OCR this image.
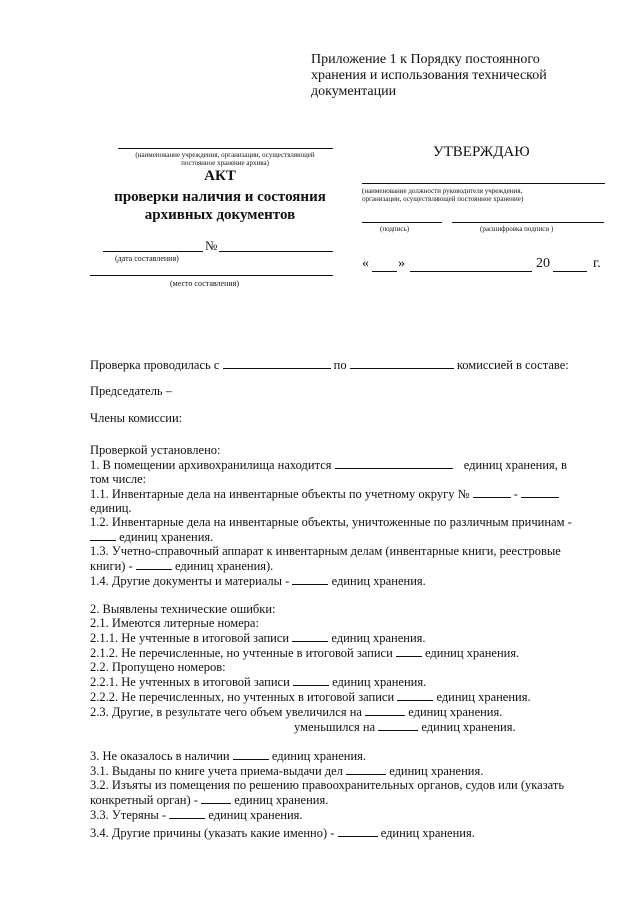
Приложение 1 к Порядку постоянного
хранения и использования технической
документации
(наименование учреждения, организации, осуществляющей
постоянное хранение архива)
АКТ
проверки наличия и состояния
архивных документов
№
(дата составления)
(место составления)
УТВЕРЖДАЮ
(наименование должности руководителя учреждения,
организации, осуществляющей постоянное хранение)
(подпись)	(расшифровка подписи )
« »	20	г.
Проверка проводилась с	по	комиссией в составе:
Председатель –
Члены комиссии:
Проверкой установлено:
1. В помещении архивохранилища находится	единиц хранения, в
том числе:
1.1. Инвентарные дела на инвентарные объекты по учетному округу №	-
единиц.
1.2. Инвентарные дела на инвентарные объекты, уничтоженные по различным причинам -
единиц хранения.
1.3. Учетно-справочный аппарат к инвентарным делам (инвентарные книги, реестровые
книги) -	единиц хранения).
1.4. Другие документы и материалы -	единиц хранения.
2. Выявлены технические ошибки:
2.1. Имеются литерные номера:
2.1.1. Не учтенные в итоговой записи	единиц хранения.
2.1.2. Не перечисленные, но учтенные в итоговой записи	единиц хранения.
2.2. Пропущено номеров:
2.2.1. Не учтенных в итоговой записи	единиц хранения.
2.2.2. Не перечисленных, но учтенных в итоговой записи	единиц хранения.
2.3. Другие, в результате чего объем увеличился на	единиц хранения.
уменьшился на	единиц хранения.
3. Не оказалось в наличии	единиц хранения.
3.1. Выданы по книге учета приема-выдачи дел	единиц хранения.
3.2. Изъяты из помещения по решению правоохранительных органов, судов или (указать
конкретный орган) -	единиц хранения.
3.3. Утеряны -	единиц хранения.
3.4. Другие причины (указать какие именно) -	единиц хранения.
